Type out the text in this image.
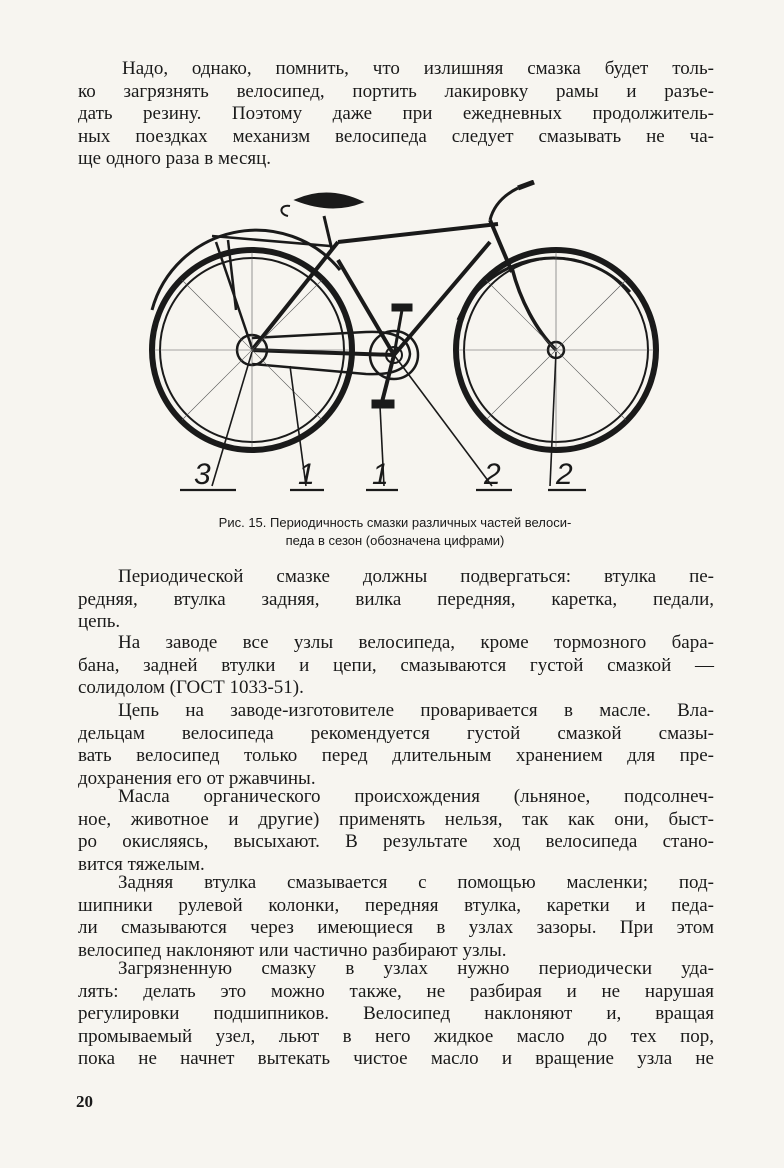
Надо, однако, помнить, что излишняя смазка будет толь-
ко загрязнять велосипед, портить лакировку рамы и разъе-
дать резину. Поэтому даже при ежедневных продолжитель-
ных поездках механизм велосипеда следует смазывать не ча-
ще одного раза в месяц.

3	1 1	2 2
Рис. 15. Периодичность смазки различных частей велоси-
педа в сезон (обозначена цифрами)

Периодической смазке должны подвергаться: втулка пе-
редняя, втулка задняя, вилка передняя, каретка, педали,
цепь.

На заводе все узлы велосипеда, кроме тормозного бара-
бана, задней втулки и цепи, смазываются густой смазкой —
солидолом (ГОСТ 1033-51).

Цепь на заводе-изготовителе проваривается в масле. Вла-
дельцам велосипеда рекомендуется густой смазкой смазы-
вать велосипед только перед длительным хранением для пре-
дохранения его от ржавчины.

Масла органического происхождения (льняное, подсолнеч-
ное, животное и другие) применять нельзя, так как они, быст-
ро окисляясь, высыхают. В результате ход велосипеда стано-
вится тяжелым.

Задняя втулка смазывается с помощью масленки; под-
шипники рулевой колонки, передняя втулка, каретки и педа-
ли смазываются через имеющиеся в узлах зазоры. При этом
велосипед наклоняют или частично разбирают узлы.

Загрязненную смазку в узлах нужно периодически уда-
лять: делать это можно также, не разбирая и не нарушая
регулировки подшипников. Велосипед наклоняют и, вращая
промываемый узел, льют в него жидкое масло до тех пор,
пока не начнет вытекать чистое масло и вращение узла не

20
